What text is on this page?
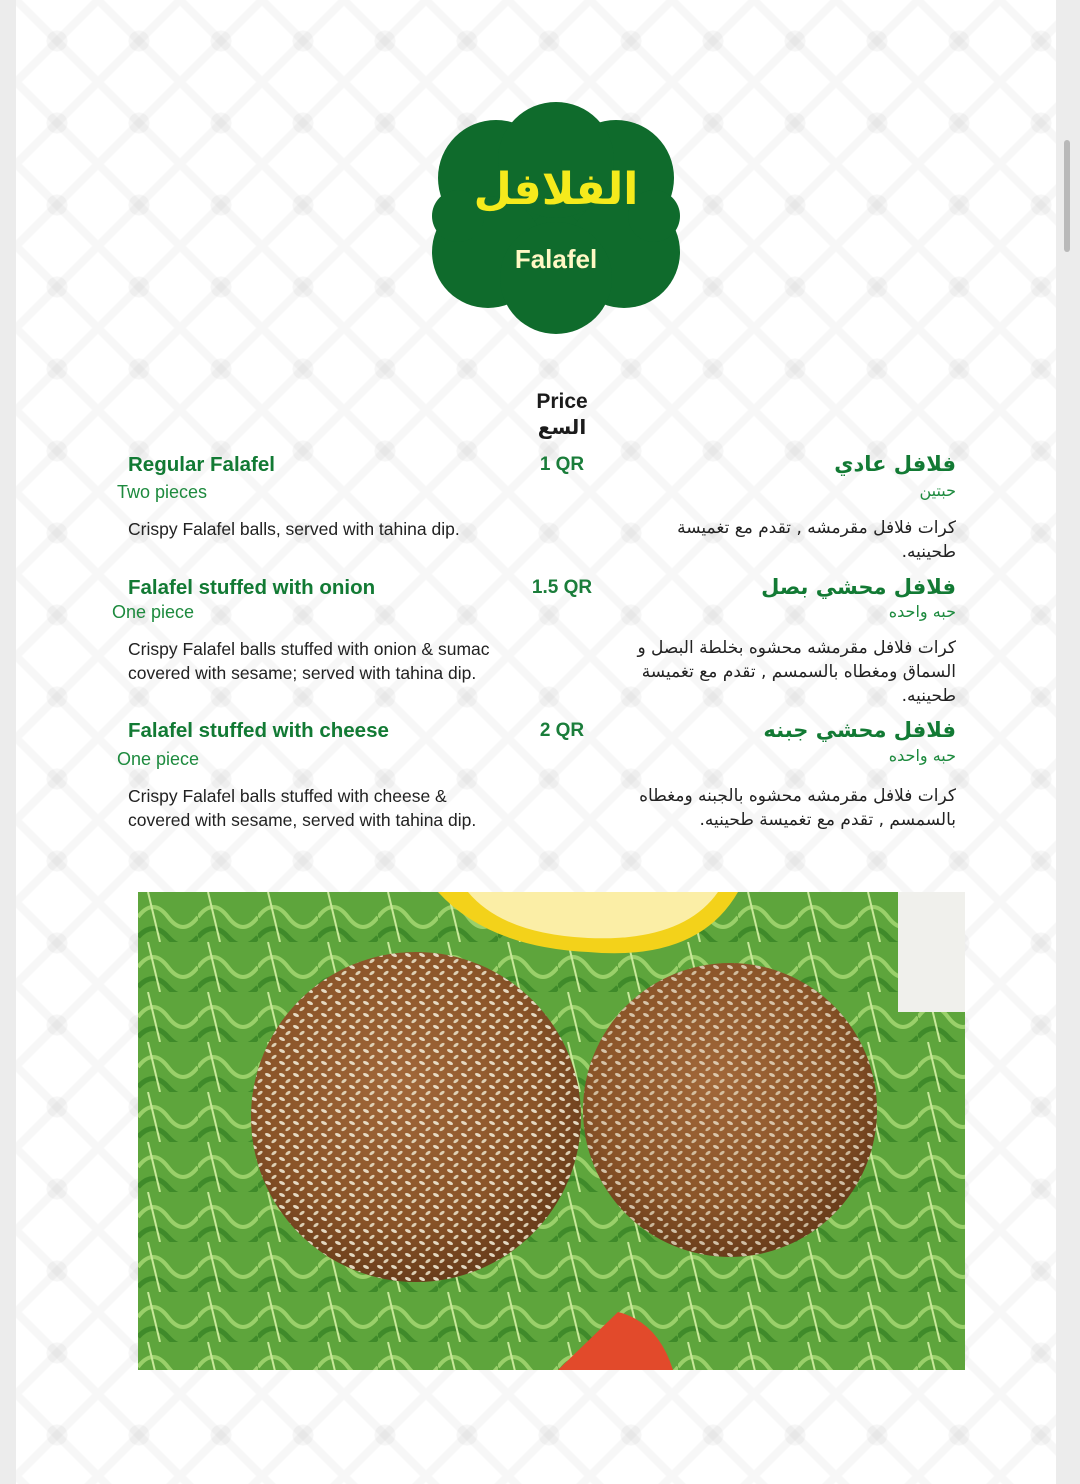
الفلافل
Falafel
Price
السع
Regular Falafel
Two pieces
Crispy Falafel balls, served with tahina dip.
1 QR	فلافل عادي
حبتين
كرات فلافل مقرمشه , تقدم مع تغميسة طحينيه.
Falafel stuffed with onion
One piece
Crispy Falafel balls stuffed with onion & sumac covered with sesame; served with tahina dip.
1.5 QR	فلافل محشي بصل
حبه واحده
كرات فلافل مقرمشه محشوه بخلطة البصل و السماق ومغطاه بالسمسم , تقدم مع تغميسة طحينيه.
Falafel stuffed with cheese
One piece
Crispy Falafel balls stuffed with cheese & covered with sesame, served with tahina dip.
2 QR	فلافل محشي جبنه
حبه واحده
كرات فلافل مقرمشه محشوه بالجبنه ومغطاه بالسمسم , تقدم مع تغميسة طحينيه.
